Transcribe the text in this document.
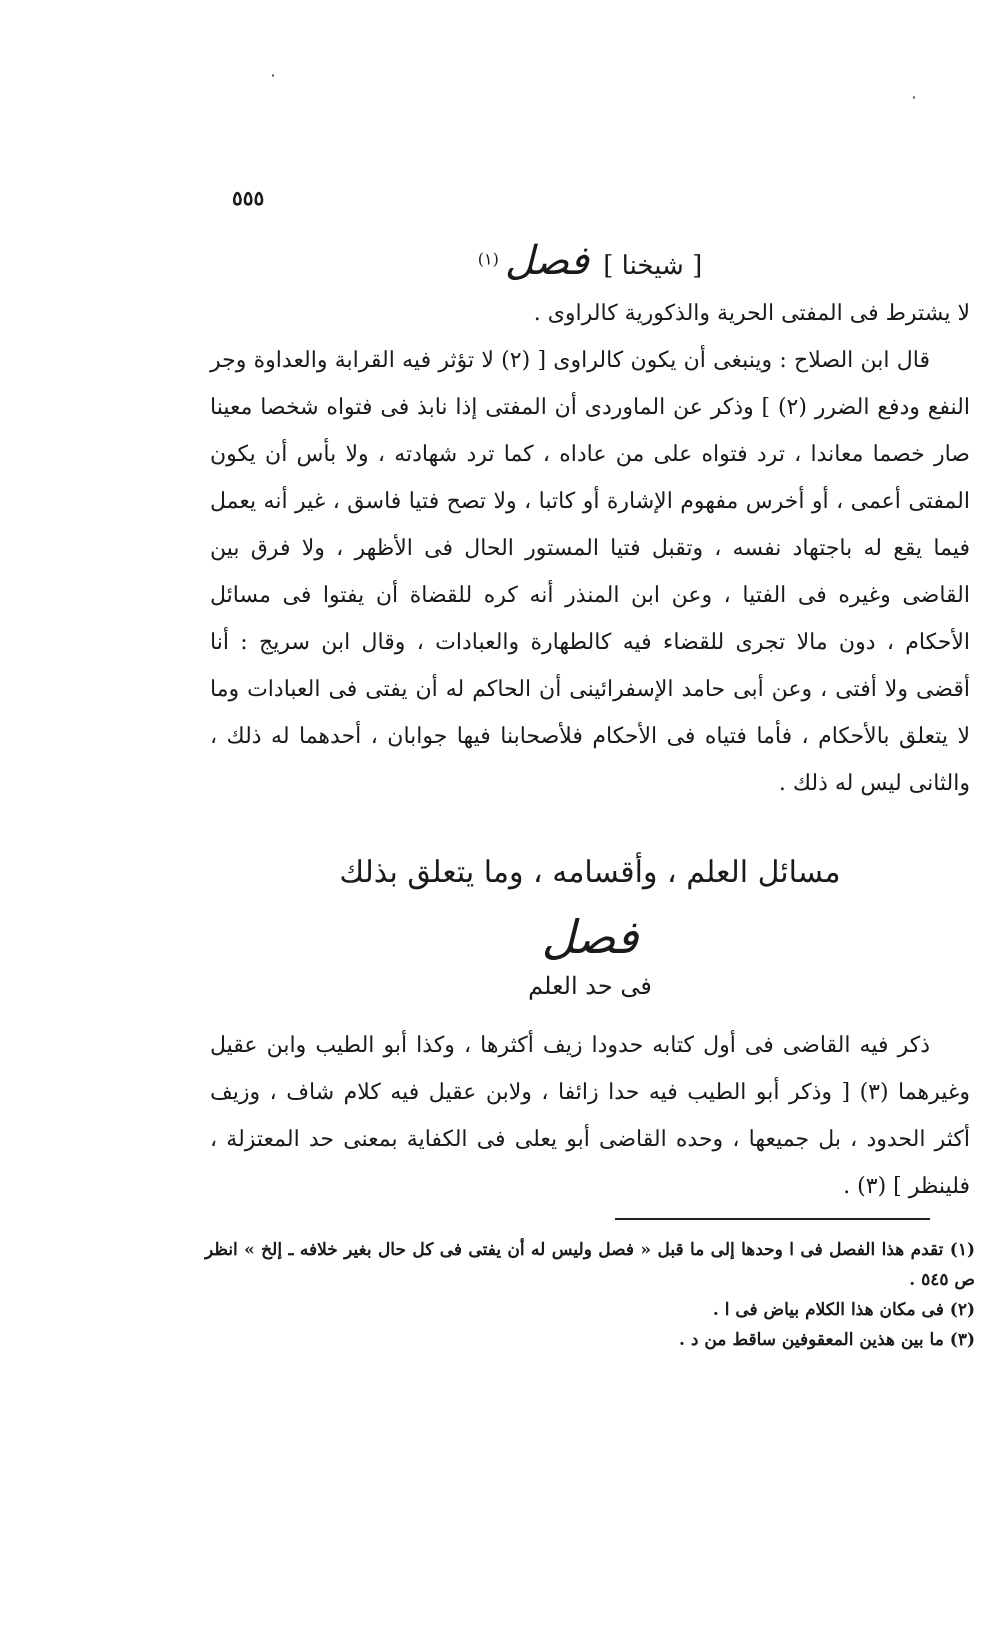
٥٥٥
[ شيخنا ] فصل$^{(١)}$

لا يشترط فى المفتى الحرية والذكورية كالراوى .

قال ابن الصلاح : وينبغى أن يكون كالراوى [ (٢) لا تؤثر فيه القرابة والعداوة وجر النفع ودفع الضرر (٢) ] وذكر عن الماوردى أن المفتى إذا نابذ فى فتواه شخصا معينا صار خصما معاندا ، ترد فتواه على من عاداه ، كما ترد شهادته ، ولا بأس أن يكون المفتى أعمى ، أو أخرس مفهوم الإشارة أو كاتبا ، ولا تصح فتيا فاسق ، غير أنه يعمل فيما يقع له باجتهاد نفسه ، وتقبل فتيا المستور الحال فى الأظهر ، ولا فرق بين القاضى وغيره فى الفتيا ، وعن ابن المنذر أنه كره للقضاة أن يفتوا فى مسائل الأحكام ، دون مالا تجرى للقضاء فيه كالطهارة والعبادات ، وقال ابن سريج : أنا أقضى ولا أفتى ، وعن أبى حامد الإسفرائينى أن الحاكم له أن يفتى فى العبادات وما لا يتعلق بالأحكام ، فأما فتياه فى الأحكام فلأصحابنا فيها جوابان ، أحدهما له ذلك ، والثانى ليس له ذلك .

مسائل العلم ، وأقسامه ، وما يتعلق بذلك
فصل
فى حد العلم

ذكر فيه القاضى فى أول كتابه حدودا زيف أكثرها ، وكذا أبو الطيب وابن عقيل وغيرهما (٣) [ وذكر أبو الطيب فيه حدا زائفا ، ولابن عقيل فيه كلام شاف ، وزيف أكثر الحدود ، بل جميعها ، وحده القاضى أبو يعلى فى الكفاية بمعنى حد المعتزلة ، فلينظر ] (٣) .

(١) تقدم هذا الفصل فى ا وحدها إلى ما قبل « فصل وليس له أن يفتى فى كل حال بغير خلافه ـ إلخ » انظر ص ٥٤٥ .

(٢) فى مكان هذا الكلام بياض فى ا .

(٣) ما بين هذين المعقوفين ساقط من د .
